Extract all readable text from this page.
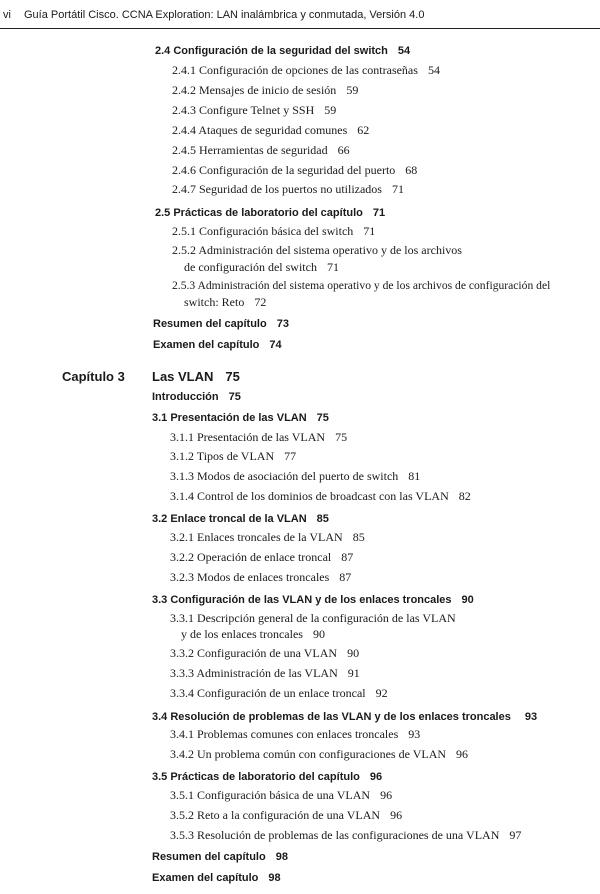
vi Guía Portátil Cisco. CCNA Exploration: LAN inalámbrica y conmutada, Versión 4.0
2.4 Configuración de la seguridad del switch 54
2.4.1 Configuración de opciones de las contraseñas 54
2.4.2 Mensajes de inicio de sesión 59
2.4.3 Configure Telnet y SSH 59
2.4.4 Ataques de seguridad comunes 62
2.4.5 Herramientas de seguridad 66
2.4.6 Configuración de la seguridad del puerto 68
2.4.7 Seguridad de los puertos no utilizados 71
2.5 Prácticas de laboratorio del capítulo 71
2.5.1 Configuración básica del switch 71
2.5.2 Administración del sistema operativo y de los archivos
de configuración del switch 71
2.5.3 Administración del sistema operativo y de los archivos de configuración del
switch: Reto 72
Resumen del capítulo 73
Examen del capítulo 74
Capítulo 3 Las VLAN 75
Introducción 75
3.1 Presentación de las VLAN 75
3.1.1 Presentación de las VLAN 75
3.1.2 Tipos de VLAN 77
3.1.3 Modos de asociación del puerto de switch 81
3.1.4 Control de los dominios de broadcast con las VLAN 82
3.2 Enlace troncal de la VLAN 85
3.2.1 Enlaces troncales de la VLAN 85
3.2.2 Operación de enlace troncal 87
3.2.3 Modos de enlaces troncales 87
3.3 Configuración de las VLAN y de los enlaces troncales 90
3.3.1 Descripción general de la configuración de las VLAN
y de los enlaces troncales 90
3.3.2 Configuración de una VLAN 90
3.3.3 Administración de las VLAN 91
3.3.4 Configuración de un enlace troncal 92
3.4 Resolución de problemas de las VLAN y de los enlaces troncales 93
3.4.1 Problemas comunes con enlaces troncales 93
3.4.2 Un problema común con configuraciones de VLAN 96
3.5 Prácticas de laboratorio del capítulo 96
3.5.1 Configuración básica de una VLAN 96
3.5.2 Reto a la configuración de una VLAN 96
3.5.3 Resolución de problemas de las configuraciones de una VLAN 97
Resumen del capítulo 98
Examen del capítulo 98
